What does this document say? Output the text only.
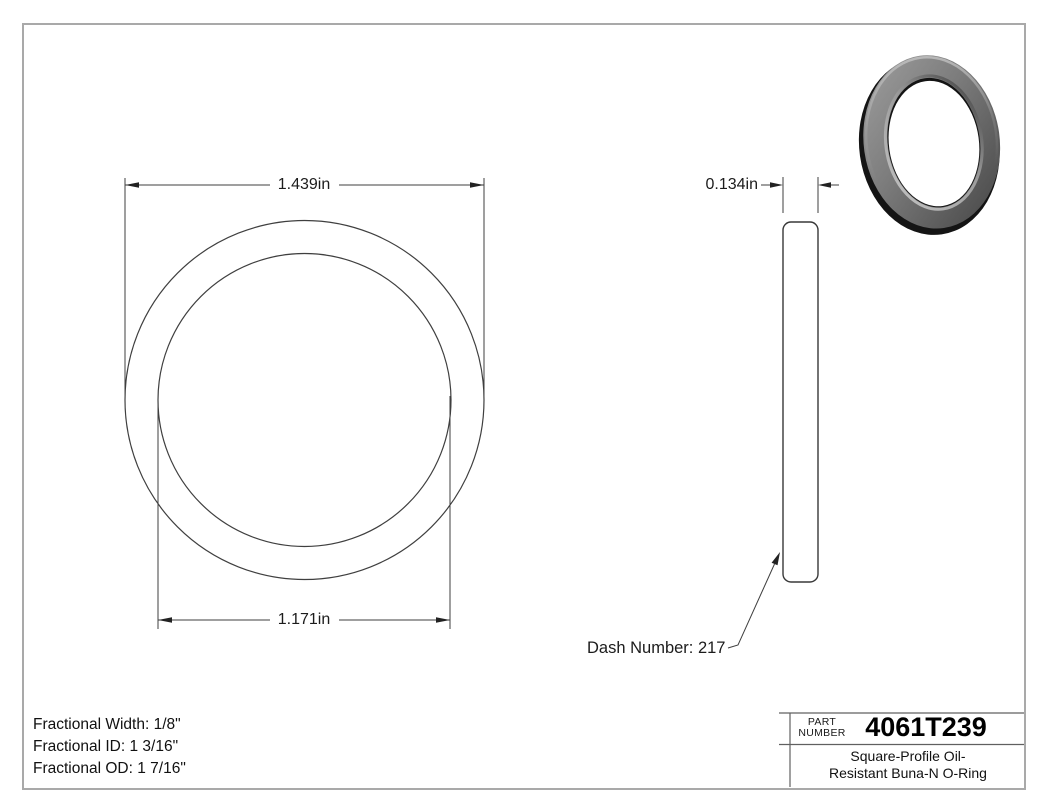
1.439in
1.171in
0.134in
Dash Number: 217
Fractional Width: 1/8"
Fractional ID: 1 3/16"
Fractional OD: 1 7/16"
PART
NUMBER 4061T239
Square-Profile Oil-
Resistant Buna-N O-Ring
